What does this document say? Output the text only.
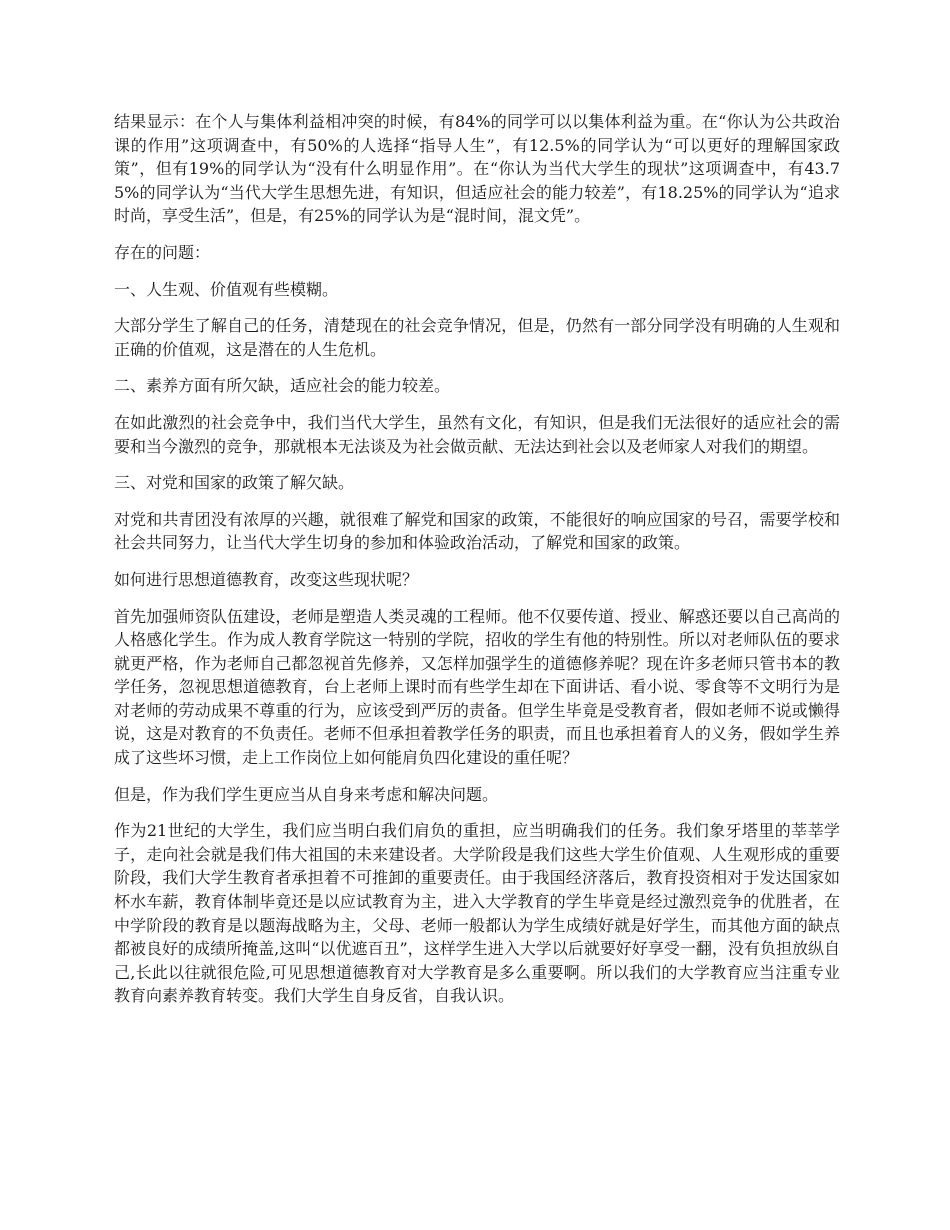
结果显示：在个人与集体利益相冲突的时候，有84%的同学可以以集体利益为重。在“你认为公共政治课的作用”这项调查中，有50%的人选择“指导人生”，有12.5%的同学认为“可以更好的理解国家政策”，但有19%的同学认为“没有什么明显作用”。在“你认为当代大学生的现状”这项调查中，有43.75%的同学认为“当代大学生思想先进，有知识，但适应社会的能力较差”，有18.25%的同学认为“追求时尚，享受生活”，但是，有25%的同学认为是“混时间，混文凭”。

存在的问题：

一、人生观、价值观有些模糊。

大部分学生了解自己的任务，清楚现在的社会竞争情况，但是，仍然有一部分同学没有明确的人生观和正确的价值观，这是潜在的人生危机。

二、素养方面有所欠缺，适应社会的能力较差。

在如此激烈的社会竞争中，我们当代大学生，虽然有文化，有知识，但是我们无法很好的适应社会的需要和当今激烈的竞争，那就根本无法谈及为社会做贡献、无法达到社会以及老师家人对我们的期望。

三、对党和国家的政策了解欠缺。

对党和共青团没有浓厚的兴趣，就很难了解党和国家的政策，不能很好的响应国家的号召，需要学校和社会共同努力，让当代大学生切身的参加和体验政治活动，了解党和国家的政策。

如何进行思想道德教育，改变这些现状呢？

首先加强师资队伍建设，老师是塑造人类灵魂的工程师。他不仅要传道、授业、解惑还要以自己高尚的人格感化学生。作为成人教育学院这一特别的学院，招收的学生有他的特别性。所以对老师队伍的要求就更严格，作为老师自己都忽视首先修养，又怎样加强学生的道德修养呢？现在许多老师只管书本的教学任务，忽视思想道德教育，台上老师上课时而有些学生却在下面讲话、看小说、零食等不文明行为是对老师的劳动成果不尊重的行为，应该受到严厉的责备。但学生毕竟是受教育者，假如老师不说或懒得说，这是对教育的不负责任。老师不但承担着教学任务的职责，而且也承担着育人的义务，假如学生养成了这些坏习惯，走上工作岗位上如何能肩负四化建设的重任呢？

但是，作为我们学生更应当从自身来考虑和解决问题。

作为21世纪的大学生，我们应当明白我们肩负的重担，应当明确我们的任务。我们象牙塔里的莘莘学子，走向社会就是我们伟大祖国的未来建设者。大学阶段是我们这些大学生价值观、人生观形成的重要阶段，我们大学生教育者承担着不可推卸的重要责任。由于我国经济落后，教育投资相对于发达国家如杯水车薪，教育体制毕竟还是以应试教育为主，进入大学教育的学生毕竟是经过激烈竞争的优胜者，在中学阶段的教育是以题海战略为主，父母、老师一般都认为学生成绩好就是好学生，而其他方面的缺点都被良好的成绩所掩盖,这叫“以优遮百丑”，这样学生进入大学以后就要好好享受一翻，没有负担放纵自己,长此以往就很危险,可见思想道德教育对大学教育是多么重要啊。所以我们的大学教育应当注重专业教育向素养教育转变。我们大学生自身反省，自我认识。
